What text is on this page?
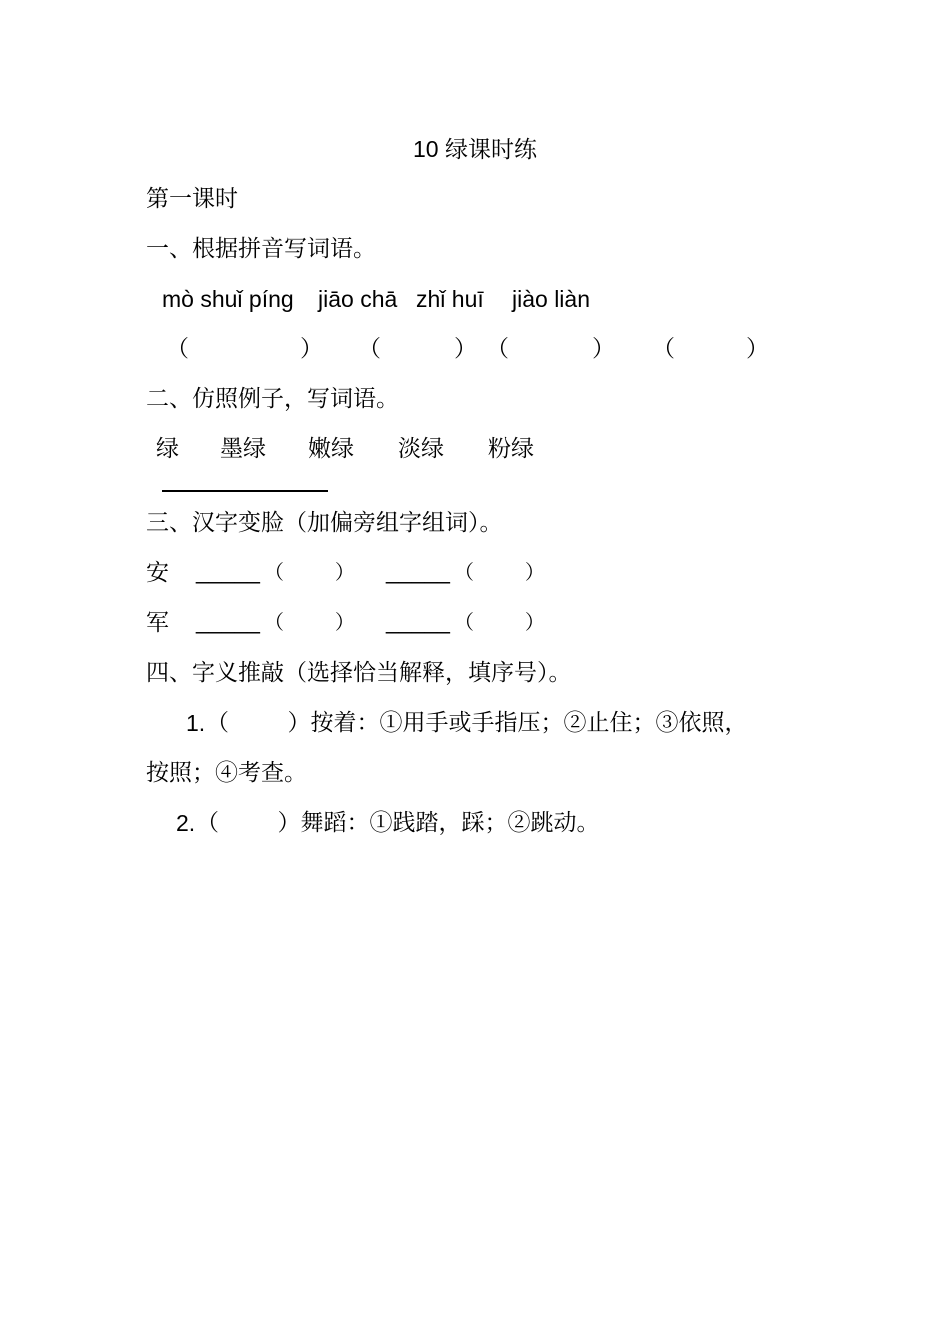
10 绿课时练
第一课时
一、根据拼音写词语。
mò shuǐ píng jiāo chā zhǐ huī jiào liàn
（	） （	） （	） （	）
二、仿照例子，写词语。
绿 墨绿 嫩绿 淡绿 粉绿
三、汉字变脸（加偏旁组字组词）。
安 _____ （        ） _____ （        ）
军 _____ （        ） _____ （        ）
四、字义推敲（选择恰当解释，填序号）。
1. （        ）按着：①用手或手指压；②止住；③依照，
按照；④考查。
2. （        ）舞蹈：①践踏，踩；②跳动。
